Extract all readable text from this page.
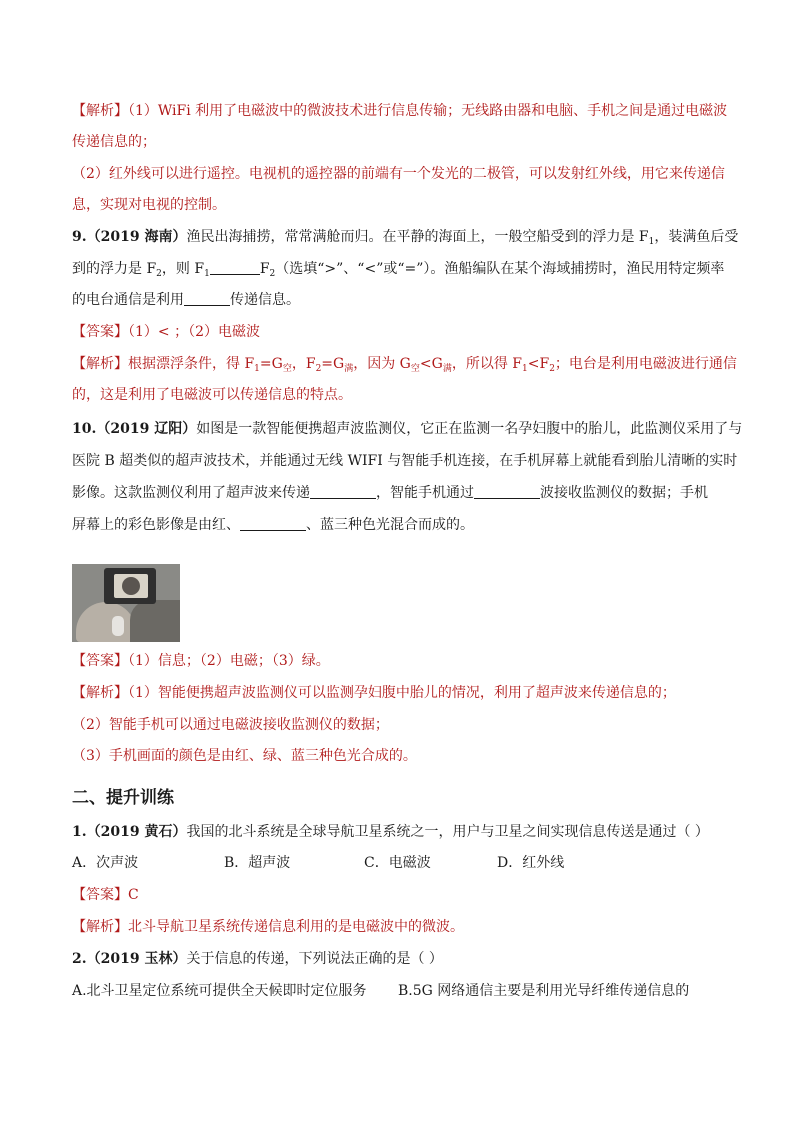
【解析】（1）WiFi 利用了电磁波中的微波技术进行信息传输；无线路由器和电脑、手机之间是通过电磁波
传递信息的；
（2）红外线可以进行遥控。电视机的遥控器的前端有一个发光的二极管，可以发射红外线，用它来传递信
息，实现对电视的控制。
9.（2019 海南）渔民出海捕捞，常常满舱而归。在平静的海面上，一般空船受到的浮力是 $F_1$，装满鱼后受
到的浮力是 $F_2$，则 $F_1$	$F_2$（选填“>”、“<”或“=”）。渔船编队在某个海域捕捞时，渔民用特定频率
的电台通信是利用	传递信息。
【答案】（1）< ；（2）电磁波
【解析】根据漂浮条件，得 $F_1=G_空$，$F_2=G_满$，因为 $G_空<G_满$，所以得 $F_1<F_2$；电台是利用电磁波进行通信
的，这是利用了电磁波可以传递信息的特点。
10.（2019 辽阳）如图是一款智能便携超声波监测仪，它正在监测一名孕妇腹中的胎儿，此监测仪采用了与
医院 B 超类似的超声波技术，并能通过无线 WIFI 与智能手机连接，在手机屏幕上就能看到胎儿清晰的实时
影像。这款监测仪利用了超声波来传递	，智能手机通过	波接收监测仪的数据；手机
屏幕上的彩色影像是由红、	、蓝三种色光混合而成的。
【答案】（1）信息；（2）电磁；（3）绿。
【解析】（1）智能便携超声波监测仪可以监测孕妇腹中胎儿的情况，利用了超声波来传递信息的；
（2）智能手机可以通过电磁波接收监测仪的数据；
（3）手机画面的颜色是由红、绿、蓝三种色光合成的。
二、提升训练
1.（2019 黄石）我国的北斗系统是全球导航卫星系统之一，用户与卫星之间实现信息传送是通过（ ）
A．次声波	B．超声波	C．电磁波	D．红外线
【答案】C
【解析】北斗导航卫星系统传递信息利用的是电磁波中的微波。
2.（2019 玉林）关于信息的传递，下列说法正确的是（ ）
A.北斗卫星定位系统可提供全天候即时定位服务 B.5G 网络通信主要是利用光导纤维传递信息的
